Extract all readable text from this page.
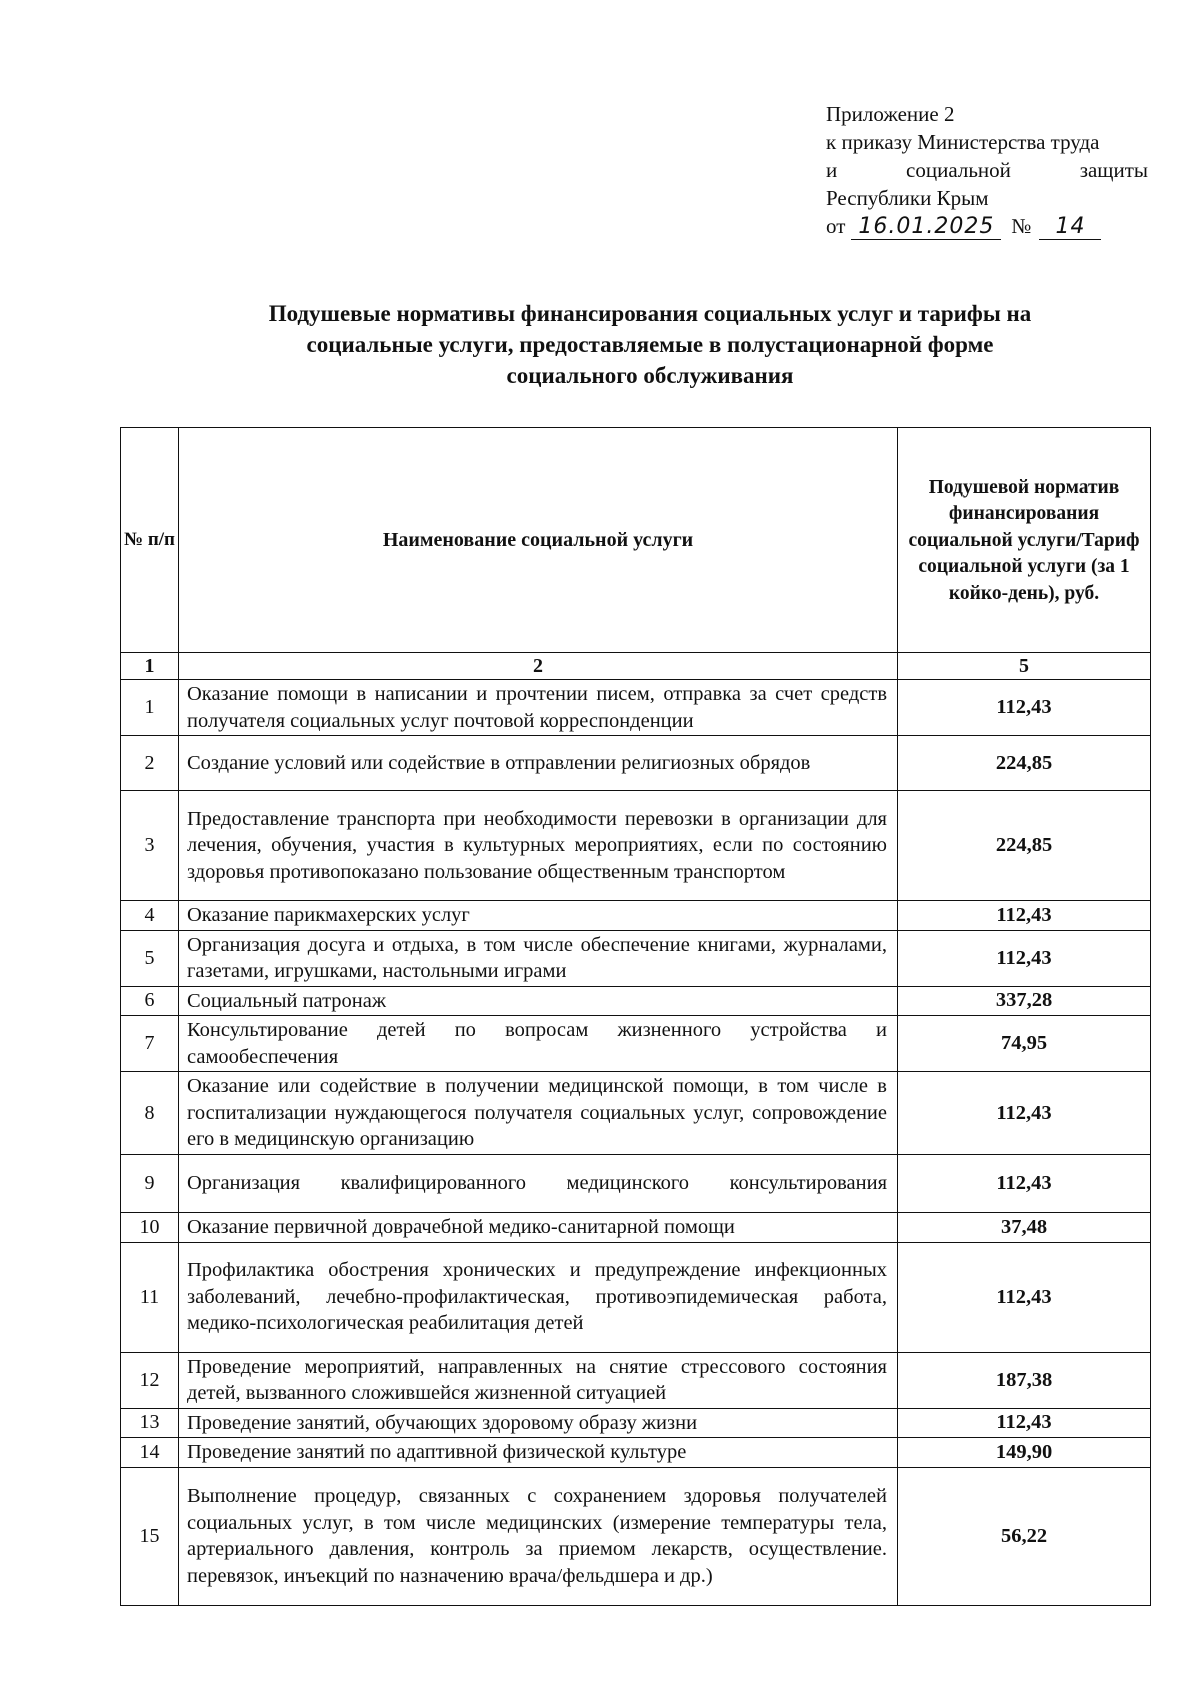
Приложение 2
к приказу Министерства труда
и	социальной	защиты
Республики Крым
от 16.01.2025 №	14
Подушевые нормативы финансирования социальных услуг и тарифы на
социальные услуги, предоставляемые в полустационарной форме
социального обслуживания
№ п/п	Наименование социальной услуги	Подушевой норматив финансирования социальной услуги/Тариф социальной услуги (за 1 койко-день), руб.
1	2	5
1	Оказание помощи в написании и прочтении писем, отправка за счет средств получателя социальных услуг почтовой корреспонденции	112,43
2	Создание условий или содействие в отправлении религиозных обрядов	224,85
3	Предоставление транспорта при необходимости перевозки в организации для лечения, обучения, участия в культурных мероприятиях, если по состоянию здоровья противопоказано пользование общественным транспортом	224,85
4	Оказание парикмахерских услуг	112,43
5	Организация досуга и отдыха, в том числе обеспечение книгами, журналами, газетами, игрушками, настольными играми	112,43
6	Социальный патронаж	337,28
7	Консультирование детей по вопросам жизненного устройства и самообеспечения	74,95
8	Оказание или содействие в получении медицинской помощи, в том числе в госпитализации нуждающегося получателя социальных услуг, сопровождение его в медицинскую организацию	112,43
9	Организация квалифицированного медицинского консультирования	112,43
10	Оказание первичной доврачебной медико-санитарной помощи	37,48
11	Профилактика обострения хронических и предупреждение инфекционных заболеваний, лечебно-профилактическая, противоэпидемическая работа, медико-психологическая реабилитация детей	112,43
12	Проведение мероприятий, направленных на снятие стрессового состояния детей, вызванного сложившейся жизненной ситуацией	187,38
13	Проведение занятий, обучающих здоровому образу жизни	112,43
14	Проведение занятий по адаптивной физической культуре	149,90
15	Выполнение процедур, связанных с сохранением здоровья получателей социальных услуг, в том числе медицинских (измерение температуры тела, артериального давления, контроль за приемом лекарств, осуществление. перевязок, инъекций по назначению врача/фельдшера и др.)	56,22
